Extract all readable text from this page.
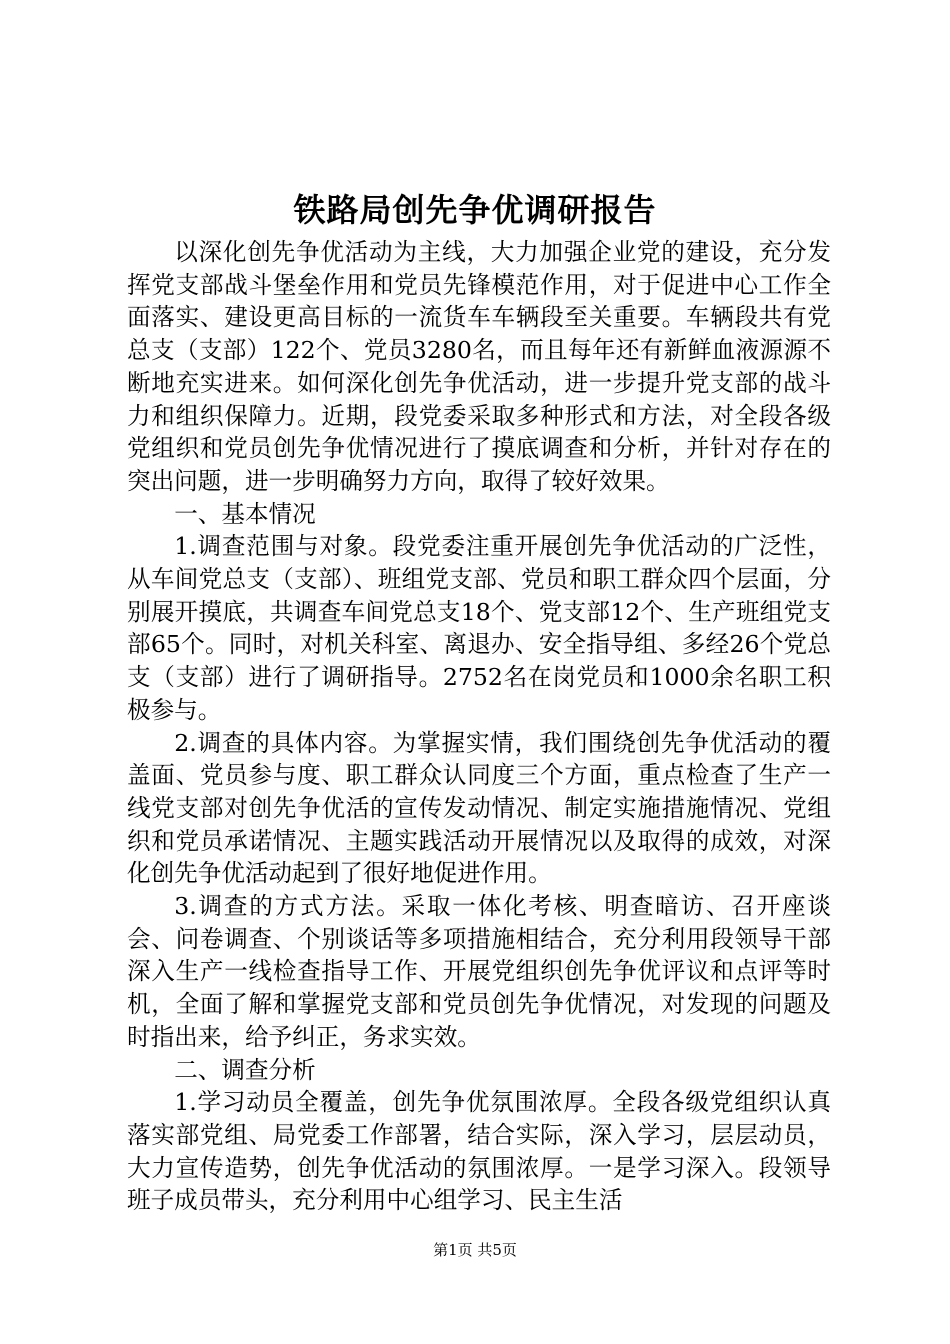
铁路局创先争优调研报告

以深化创先争优活动为主线，大力加强企业党的建设，充分发挥党支部战斗堡垒作用和党员先锋模范作用，对于促进中心工作全面落实、建设更高目标的一流货车车辆段至关重要。车辆段共有党总支（支部）122个、党员3280名，而且每年还有新鲜血液源源不断地充实进来。如何深化创先争优活动，进一步提升党支部的战斗力和组织保障力。近期，段党委采取多种形式和方法，对全段各级党组织和党员创先争优情况进行了摸底调查和分析，并针对存在的突出问题，进一步明确努力方向，取得了较好效果。

一、基本情况

1.调查范围与对象。段党委注重开展创先争优活动的广泛性，从车间党总支（支部）、班组党支部、党员和职工群众四个层面，分别展开摸底，共调查车间党总支18个、党支部12个、生产班组党支部65个。同时，对机关科室、离退办、安全指导组、多经26个党总支（支部）进行了调研指导。2752名在岗党员和1000余名职工积极参与。

2.调查的具体内容。为掌握实情，我们围绕创先争优活动的覆盖面、党员参与度、职工群众认同度三个方面，重点检查了生产一线党支部对创先争优活的宣传发动情况、制定实施措施情况、党组织和党员承诺情况、主题实践活动开展情况以及取得的成效，对深化创先争优活动起到了很好地促进作用。

3.调查的方式方法。采取一体化考核、明查暗访、召开座谈会、问卷调查、个别谈话等多项措施相结合，充分利用段领导干部深入生产一线检查指导工作、开展党组织创先争优评议和点评等时机，全面了解和掌握党支部和党员创先争优情况，对发现的问题及时指出来，给予纠正，务求实效。

二、调查分析

1.学习动员全覆盖，创先争优氛围浓厚。全段各级党组织认真落实部党组、局党委工作部署，结合实际，深入学习，层层动员，大力宣传造势，创先争优活动的氛围浓厚。一是学习深入。段领导班子成员带头，充分利用中心组学习、民主生活

第1页 共5页
